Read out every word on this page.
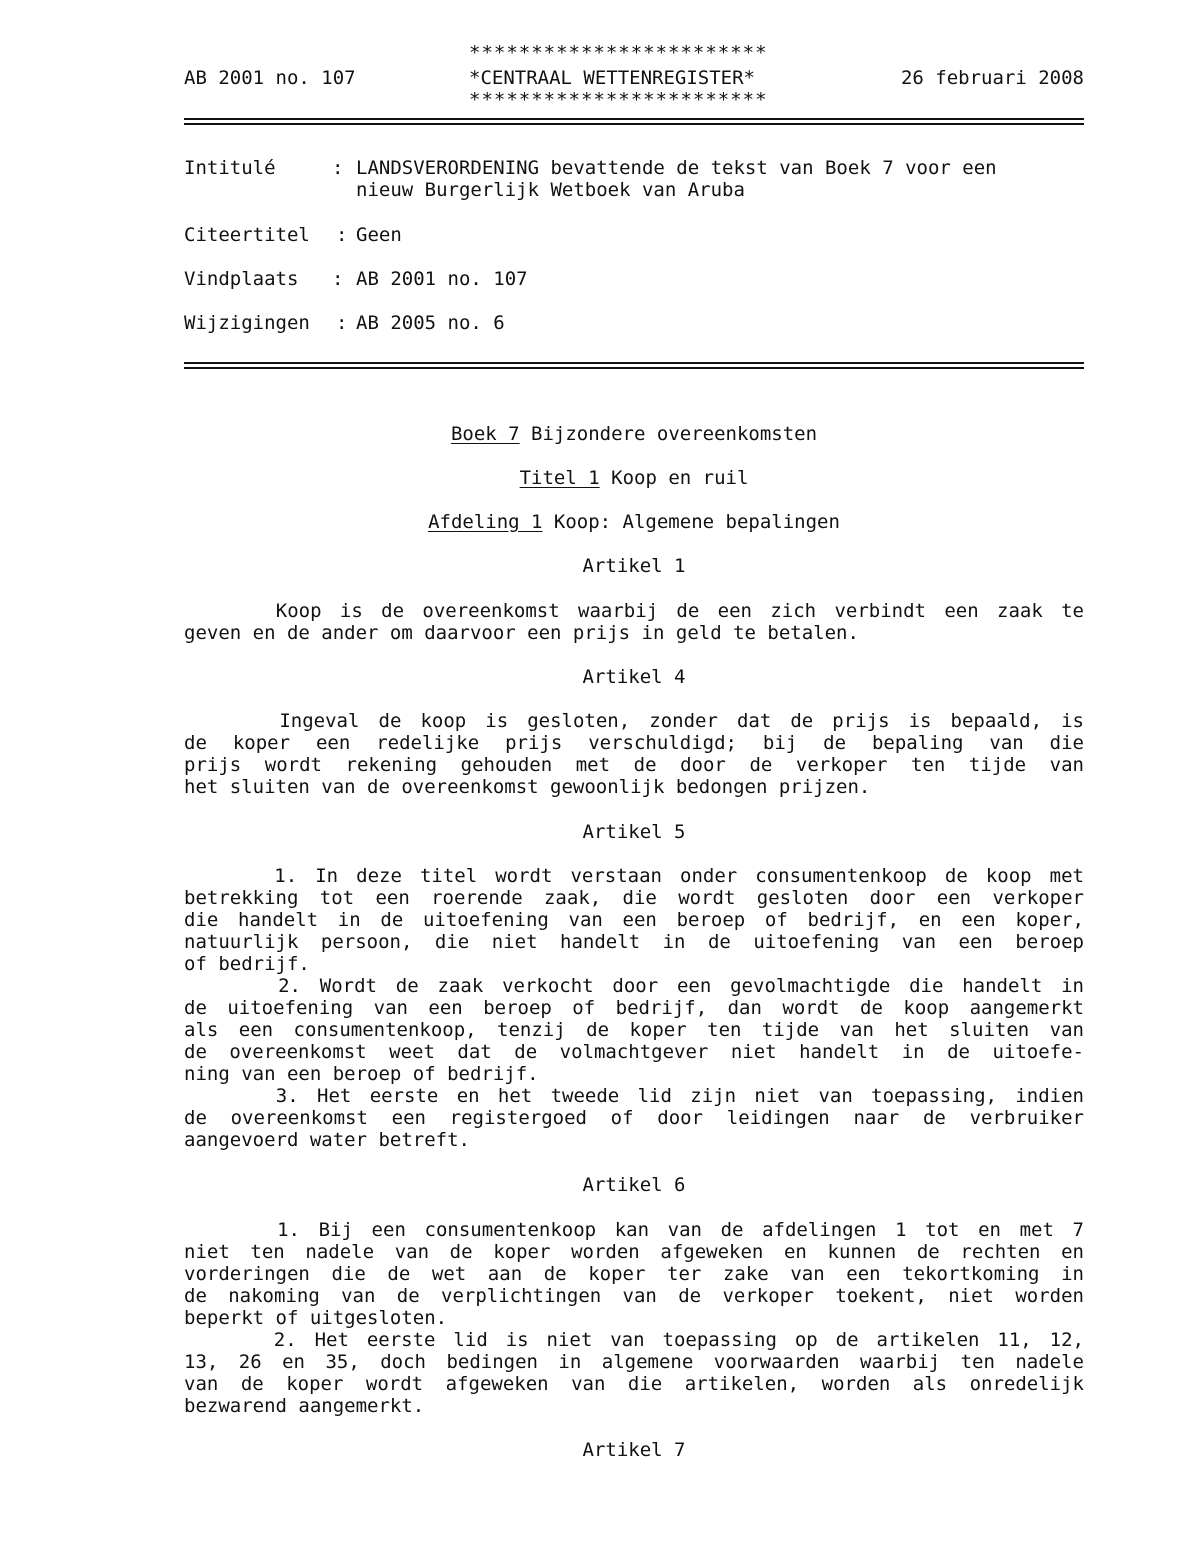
************************

AB 2001 no. 107

	*CENTRAAL WETTENREGISTER*

	26 februari 2008

************************
Intitulé	: LANDSVERORDENING bevattende de tekst van Boek 7 voor een
nieuw Burgerlijk Wetboek van Aruba
Citeertitel : Geen
Vindplaats : AB 2001 no. 107
Wijzigingen : AB 2005 no. 6
Boek 7 Bijzondere overeenkomsten
Titel 1 Koop en ruil
Afdeling 1 Koop: Algemene bepalingen
Artikel 1
Koop is de overeenkomst waarbij de een zich verbindt een zaak te
geven en de ander om daarvoor een prijs in geld te betalen.
Artikel 4
Ingeval de koop is gesloten, zonder dat de prijs is bepaald, is
de koper een redelijke prijs verschuldigd; bij de bepaling van die
prijs wordt rekening gehouden met de door de verkoper ten tijde van
het sluiten van de overeenkomst gewoonlijk bedongen prijzen.
Artikel 5
1. In deze titel wordt verstaan onder consumentenkoop de koop met
betrekking tot een roerende zaak, die wordt gesloten door een verkoper
die handelt in de uitoefening van een beroep of bedrijf, en een koper,
natuurlijk persoon, die niet handelt in de uitoefening van een beroep
of bedrijf.
2. Wordt de zaak verkocht door een gevolmachtigde die handelt in
de uitoefening van een beroep of bedrijf, dan wordt de koop aangemerkt
als een consumentenkoop, tenzij de koper ten tijde van het sluiten van
de overeenkomst weet dat de volmachtgever niet handelt in de uitoefe-
ning van een beroep of bedrijf.
3. Het eerste en het tweede lid zijn niet van toepassing, indien
de overeenkomst een registergoed of door leidingen naar de verbruiker
aangevoerd water betreft.
Artikel 6
1. Bij een consumentenkoop kan van de afdelingen 1 tot en met 7
niet ten nadele van de koper worden afgeweken en kunnen de rechten en
vorderingen die de wet aan de koper ter zake van een tekortkoming in
de nakoming van de verplichtingen van de verkoper toekent, niet worden
beperkt of uitgesloten.
2. Het eerste lid is niet van toepassing op de artikelen 11, 12,
13, 26 en 35, doch bedingen in algemene voorwaarden waarbij ten nadele
van de koper wordt afgeweken van die artikelen, worden als onredelijk
bezwarend aangemerkt.
Artikel 7
